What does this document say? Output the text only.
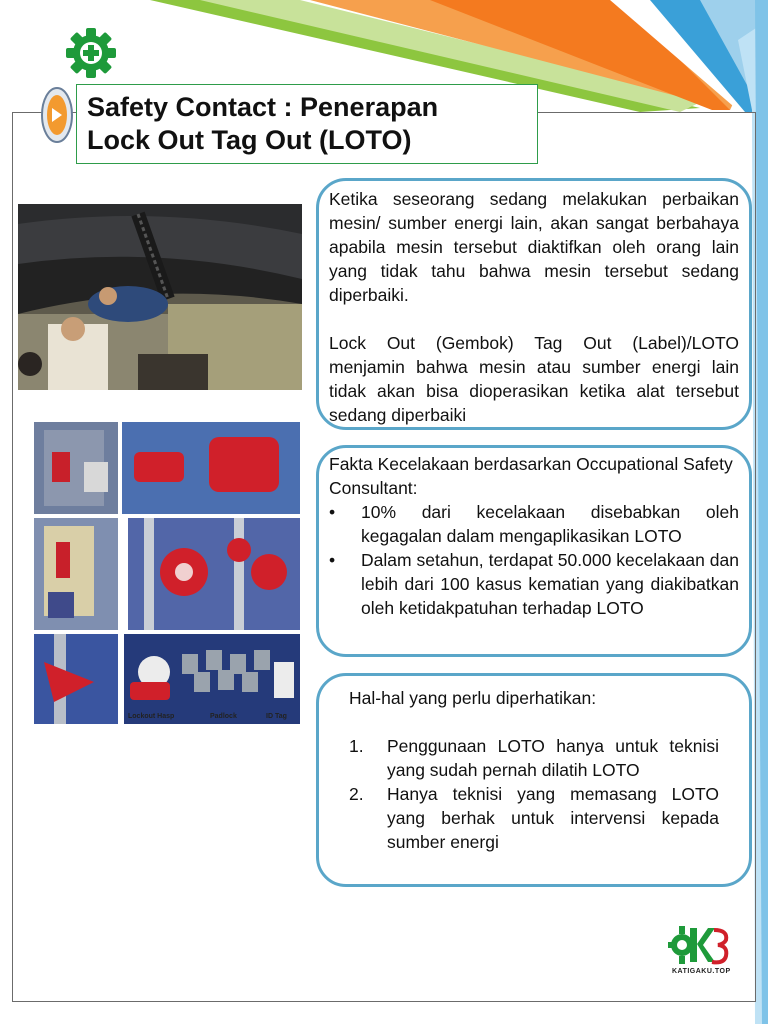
Safety Contact : Penerapan
Lock Out Tag Out (LOTO)
Lockout Hasp	Padlock	ID Tag
Ketika seseorang sedang melakukan perbaikan mesin/ sumber energi lain, akan sangat berbahaya apabila mesin tersebut diaktifkan oleh orang lain yang tidak tahu bahwa mesin tersebut sedang diperbaiki.
Lock Out (Gembok) Tag Out (Label)/LOTO menjamin bahwa mesin atau sumber energi lain tidak akan bisa dioperasikan ketika alat tersebut sedang diperbaiki
Fakta Kecelakaan berdasarkan Occupational Safety Consultant:
•	10% dari kecelakaan disebabkan oleh kegagalan dalam mengaplikasikan LOTO
•	Dalam setahun, terdapat 50.000 kecelakaan dan lebih dari 100 kasus kematian yang diakibatkan oleh ketidakpatuhan terhadap LOTO
Hal-hal yang perlu diperhatikan:
1.	Penggunaan LOTO hanya untuk teknisi yang sudah pernah dilatih LOTO
2.	Hanya teknisi yang memasang LOTO yang berhak untuk intervensi kepada sumber energi
KATIGAKU.TOP
